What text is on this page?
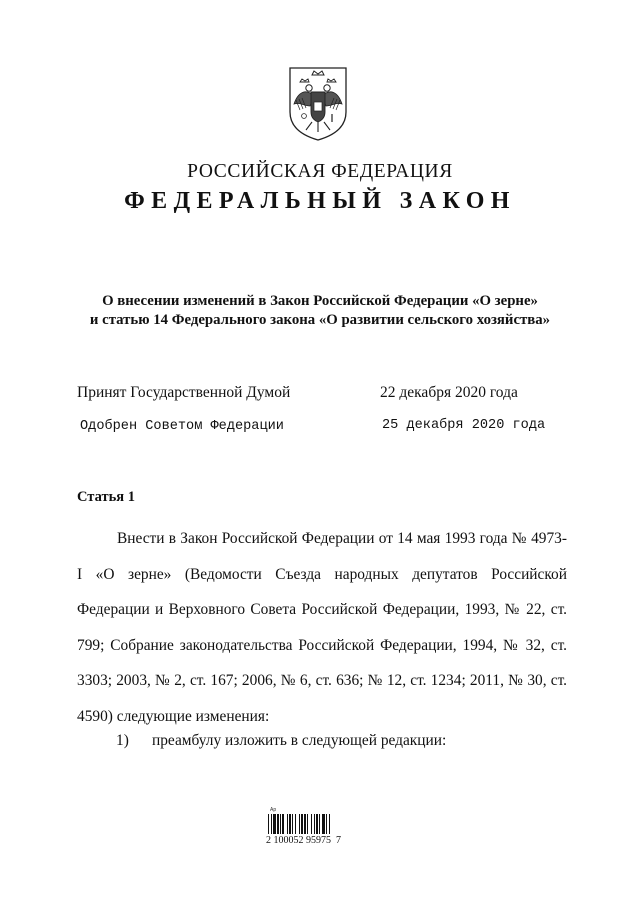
РОССИЙСКАЯ ФЕДЕРАЦИЯ
ФЕДЕРАЛЬНЫЙ ЗАКОН
О внесении изменений в Закон Российской Федерации «О зерне»
и статью 14 Федерального закона «О развитии сельского хозяйства»
Принят Государственной Думой	22 декабря 2020 года
Одобрен Советом Федерации	25 декабря 2020 года
Статья 1
Внести в Закон Российской Федерации от 14 мая 1993 года № 4973-I «О зерне» (Ведомости Съезда народных депутатов Российской Федерации и Верховного Совета Российской Федерации, 1993, № 22, ст. 799; Собрание законодательства Российской Федерации, 1994, № 32, ст. 3303; 2003, № 2, ст. 167; 2006, № 6, ст. 636; № 12, ст. 1234; 2011, № 30, ст. 4590) следующие изменения:
1) преамбулу изложить в следующей редакции:
Ap
2 100052 95975  7
